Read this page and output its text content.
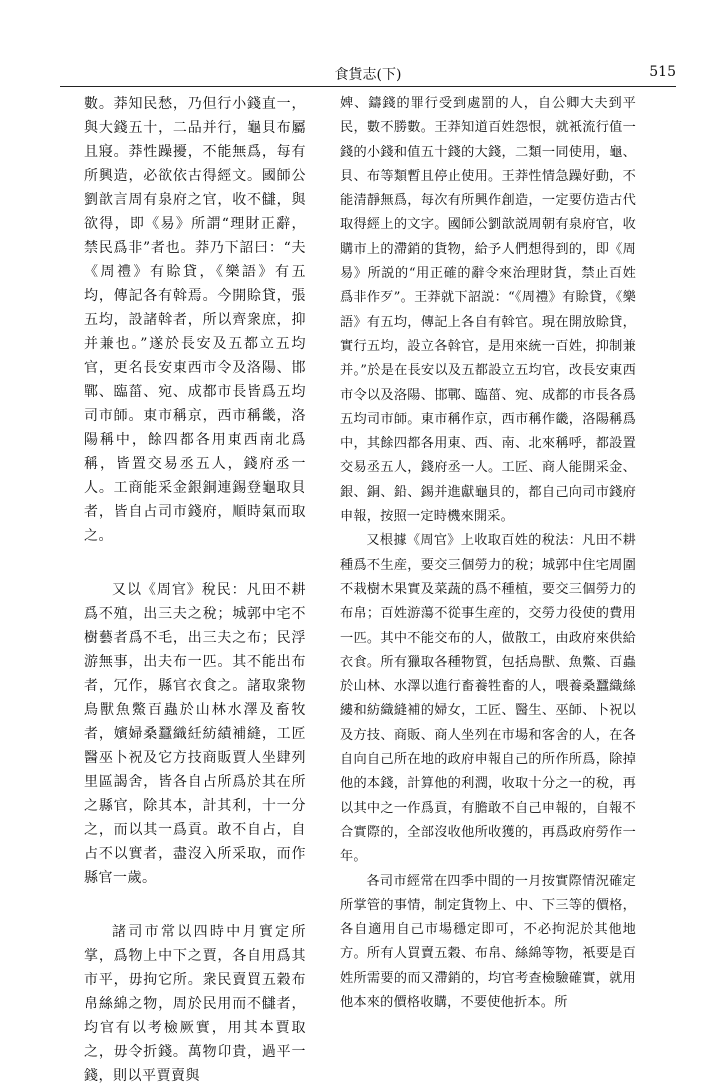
食貨志(下)	515

數。莽知民愁，乃但行小錢直一，與大錢五十，二品并行，龜貝布屬且寢。莽性躁擾，不能無爲，每有所興造，必欲依古得經文。國師公劉歆言周有泉府之官，收不讎，與欲得，即《易》所謂“理財正辭，禁民爲非”者也。莽乃下詔曰：“夫《周禮》有賒貸，《樂語》有五均，傳記各有斡焉。今開賒貸，張五均，設諸斡者，所以齊衆庶，抑并兼也。”遂於長安及五都立五均官，更名長安東西市令及洛陽、邯鄲、臨菑、宛、成都市長皆爲五均司市師。東市稱京，西市稱畿，洛陽稱中，餘四都各用東西南北爲稱，皆置交易丞五人，錢府丞一人。工商能采金銀銅連錫登龜取貝者，皆自占司市錢府，順時氣而取之。

又以《周官》稅民：凡田不耕爲不殖，出三夫之稅；城郭中宅不樹藝者爲不毛，出三夫之布；民浮游無事，出夫布一匹。其不能出布者，冗作，縣官衣食之。諸取衆物鳥獸魚鱉百蟲於山林水澤及畜牧者，嬪婦桑蠶織紝紡績補縫，工匠醫巫卜祝及它方技商販賈人坐肆列里區謁舍，皆各自占所爲於其在所之縣官，除其本，計其利，十一分之，而以其一爲貢。敢不自占，自占不以實者，盡沒入所采取，而作縣官一歲。

諸司市常以四時中月實定所掌，爲物上中下之賈，各自用爲其市平，毋拘它所。衆民賣買五穀布帛絲綿之物，周於民用而不讎者，均官有以考檢厥實，用其本賈取之，毋令折錢。萬物卬貴，過平一錢，則以平賈賣與

婢、鑄錢的罪行受到處罰的人，自公卿大夫到平民，數不勝數。王莽知道百姓怨恨，就衹流行值一錢的小錢和值五十錢的大錢，二類一同使用，龜、貝、布等類暫且停止使用。王莽性情急躁好動，不能清靜無爲，每次有所興作創造，一定要仿造古代取得經上的文字。國師公劉歆説周朝有泉府官，收購市上的滯銷的貨物，給予人們想得到的，即《周易》所説的“用正確的辭令來治理財貨，禁止百姓爲非作歹”。王莽就下詔説：“《周禮》有賒貸，《樂語》有五均，傳記上各自有斡官。現在開放賒貸，實行五均，設立各斡官，是用來統一百姓，抑制兼并。”於是在長安以及五都設立五均官，改長安東西市令以及洛陽、邯鄲、臨菑、宛、成都的市長各爲五均司市師。東市稱作京，西市稱作畿，洛陽稱爲中，其餘四都各用東、西、南、北來稱呼，都設置交易丞五人，錢府丞一人。工匠、商人能開采金、銀、銅、鉛、錫并進獻龜貝的，都自己向司市錢府申報，按照一定時機來開采。

又根據《周官》上收取百姓的稅法：凡田不耕種爲不生産，要交三個勞力的稅；城郭中住宅周圍不栽樹木果實及菜蔬的爲不種植，要交三個勞力的布帛；百姓游蕩不從事生産的，交勞力役使的費用一匹。其中不能交布的人，做散工，由政府來供給衣食。所有獵取各種物質，包括鳥獸、魚鱉、百蟲於山林、水澤以進行畜養牲畜的人，喂養桑蠶織絲縷和紡織縫補的婦女，工匠、醫生、巫師、卜祝以及方技、商販、商人坐列在市場和客舍的人，在各自向自己所在地的政府申報自己的所作所爲，除掉他的本錢，計算他的利潤，收取十分之一的稅，再以其中之一作爲貢，有膽敢不自己申報的，自報不合實際的，全部沒收他所收獲的，再爲政府勞作一年。

各司市經常在四季中間的一月按實際情況確定所掌管的事情，制定貨物上、中、下三等的價格，各自適用自己市場穩定即可，不必拘泥於其他地方。所有人買賣五穀、布帛、絲綿等物，衹要是百姓所需要的而又滯銷的，均官考查檢驗確實，就用他本來的價格收購，不要使他折本。所
